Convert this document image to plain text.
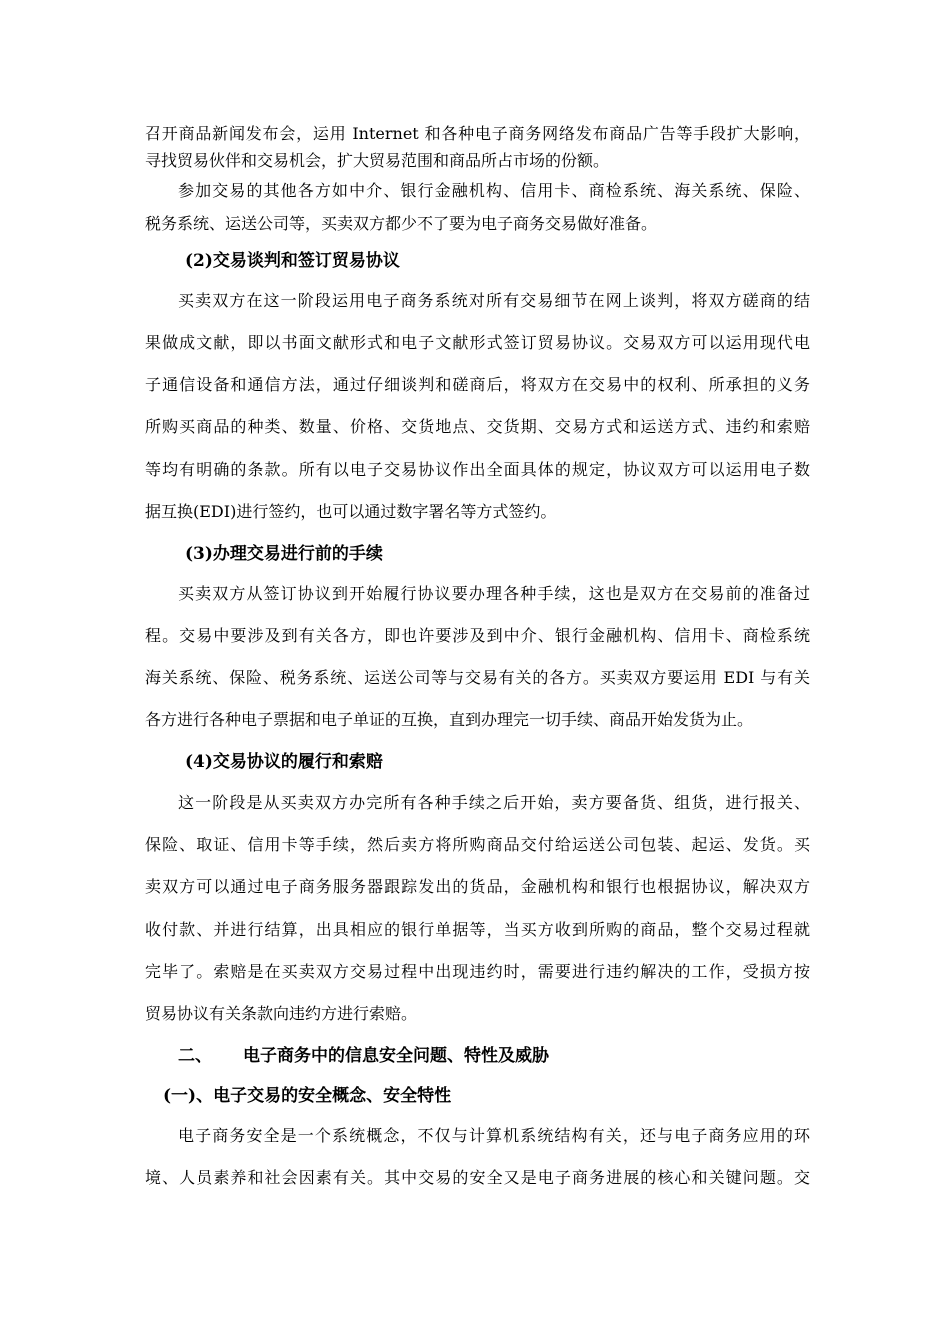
召开商品新闻发布会，运用 Internet 和各种电子商务网络发布商品广告等手段扩大影响，
寻找贸易伙伴和交易机会，扩大贸易范围和商品所占市场的份额。
参加交易的其他各方如中介、银行金融机构、信用卡、商检系统、海关系统、保险、
税务系统、运送公司等，买卖双方都少不了要为电子商务交易做好准备。
(2)交易谈判和签订贸易协议
买卖双方在这一阶段运用电子商务系统对所有交易细节在网上谈判，将双方磋商的结
果做成文献，即以书面文献形式和电子文献形式签订贸易协议。交易双方可以运用现代电
子通信设备和通信方法，通过仔细谈判和磋商后，将双方在交易中的权利、所承担的义务
所购买商品的种类、数量、价格、交货地点、交货期、交易方式和运送方式、违约和索赔
等均有明确的条款。所有以电子交易协议作出全面具体的规定，协议双方可以运用电子数
据互换(EDI)进行签约，也可以通过数字署名等方式签约。
(3)办理交易进行前的手续
买卖双方从签订协议到开始履行协议要办理各种手续，这也是双方在交易前的准备过
程。交易中要涉及到有关各方，即也许要涉及到中介、银行金融机构、信用卡、商检系统
海关系统、保险、税务系统、运送公司等与交易有关的各方。买卖双方要运用 EDI 与有关
各方进行各种电子票据和电子单证的互换，直到办理完一切手续、商品开始发货为止。
(4)交易协议的履行和索赔
这一阶段是从买卖双方办完所有各种手续之后开始，卖方要备货、组货，进行报关、
保险、取证、信用卡等手续，然后卖方将所购商品交付给运送公司包装、起运、发货。买
卖双方可以通过电子商务服务器跟踪发出的货品，金融机构和银行也根据协议，解决双方
收付款、并进行结算，出具相应的银行单据等，当买方收到所购的商品，整个交易过程就
完毕了。索赔是在买卖双方交易过程中出现违约时，需要进行违约解决的工作，受损方按
贸易协议有关条款向违约方进行索赔。
二、 电子商务中的信息安全问题、特性及威胁
(一)、电子交易的安全概念、安全特性
电子商务安全是一个系统概念，不仅与计算机系统结构有关，还与电子商务应用的环
境、人员素养和社会因素有关。其中交易的安全又是电子商务进展的核心和关键问题。交
